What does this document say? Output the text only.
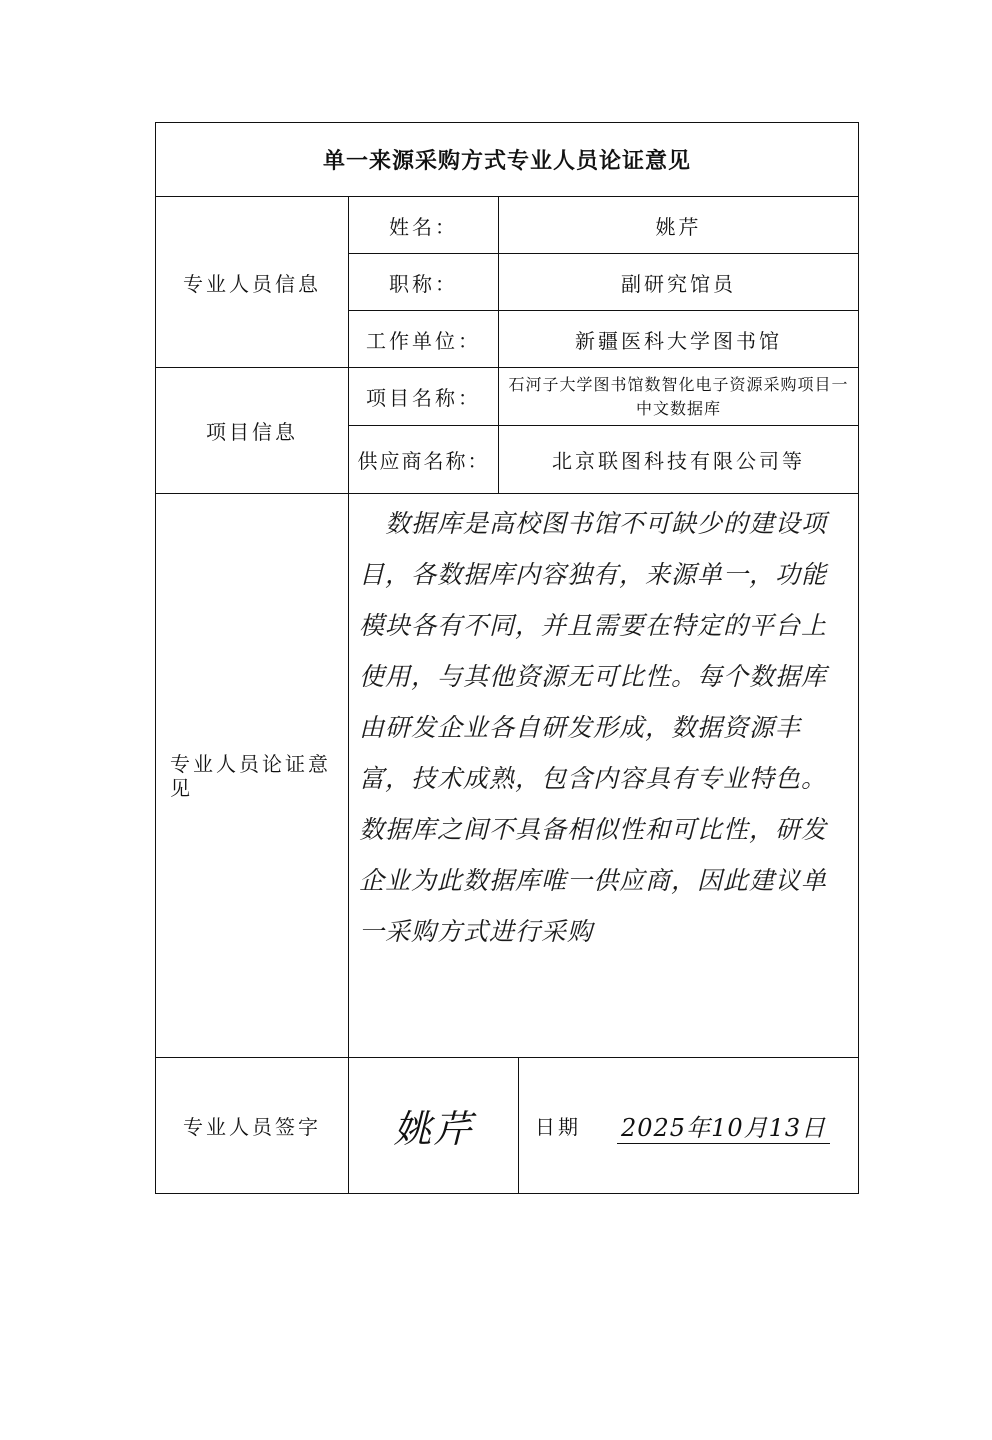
单一来源采购方式专业人员论证意见
专业人员信息
姓名：	姚芹
职称：	副研究馆员
工作单位：	新疆医科大学图书馆
项目信息
项目名称：
石河子大学图书馆数智化电子资源采购项目一中文数据库
供应商名称：	北京联图科技有限公司等
专业人员论证意见
数据库是高校图书馆不可缺少的建设项目，各数据库内容独有，来源单一，功能模块各有不同，并且需要在特定的平台上使用，与其他资源无可比性。每个数据库由研发企业各自研发形成，数据资源丰富，技术成熟，包含内容具有专业特色。数据库之间不具备相似性和可比性，研发企业为此数据库唯一供应商，因此建议单一采购方式进行采购
专业人员签字	姚芹	日期 2025年10月13日
